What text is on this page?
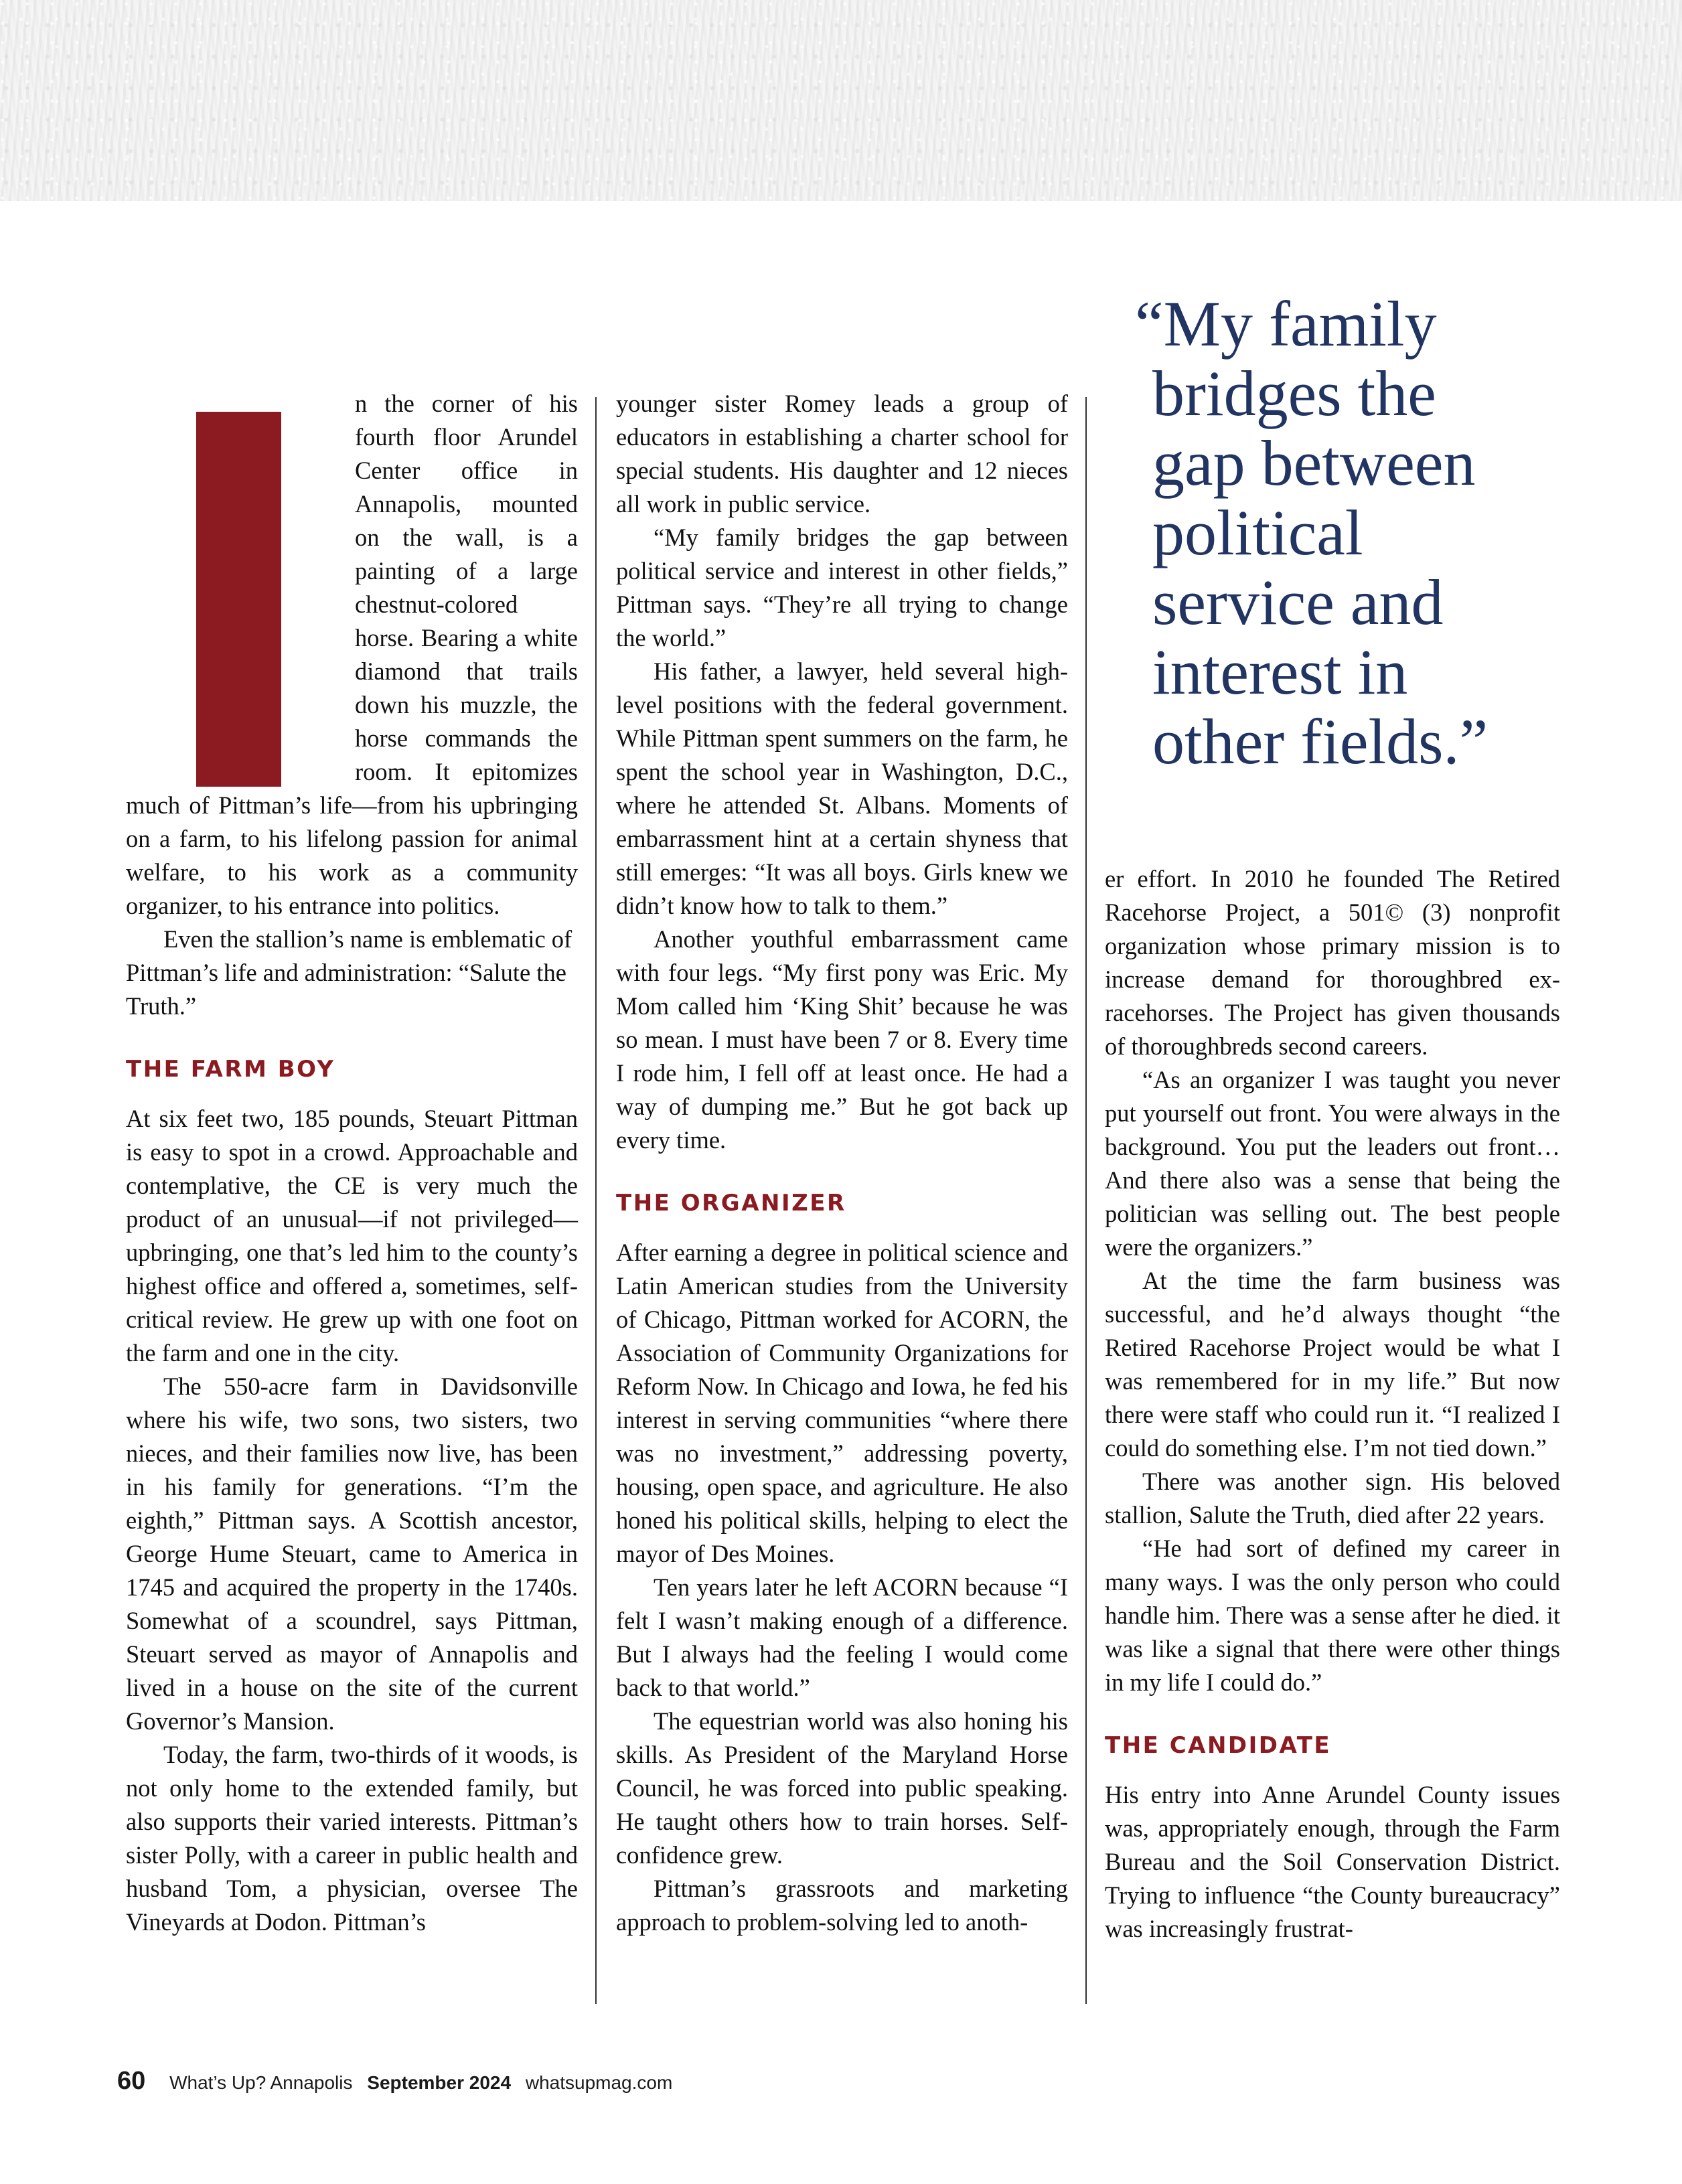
“My family
bridges the
gap between
political
service and
interest in
other fields.”

n the corner of his fourth floor Arundel Center office in Annapolis, mounted on the wall, is a painting of a large chestnut-colored horse. Bearing a white diamond that trails down his muzzle, the horse commands the room. It epitomizes much of Pittman’s life—from his upbringing on a farm, to his lifelong passion for animal welfare, to his work as a community organizer, to his entrance into politics.

Even the stallion’s name is emblematic of Pittman’s life and administration: “Salute the Truth.”

THE FARM BOY

At six feet two, 185 pounds, Steuart Pittman is easy to spot in a crowd. Approachable and contemplative, the CE is very much the product of an unusual—if not privileged—upbringing, one that’s led him to the county’s highest office and offered a, sometimes, self-critical review. He grew up with one foot on the farm and one in the city.

The 550-acre farm in Davidsonville where his wife, two sons, two sisters, two nieces, and their families now live, has been in his family for generations. “I’m the eighth,” Pittman says. A Scottish ancestor, George Hume Steuart, came to America in 1745 and acquired the property in the 1740s. Somewhat of a scoundrel, says Pittman, Steuart served as mayor of Annapolis and lived in a house on the site of the current Governor’s Mansion.

Today, the farm, two-thirds of it woods, is not only home to the extended family, but also supports their varied interests. Pittman’s sister Polly, with a career in public health and husband Tom, a physician, oversee The Vineyards at Dodon. Pittman’s

younger sister Romey leads a group of educators in establishing a charter school for special students. His daughter and 12 nieces all work in public service.

“My family bridges the gap between political service and interest in other fields,” Pittman says. “They’re all trying to change the world.”

His father, a lawyer, held several high-level positions with the federal government. While Pittman spent summers on the farm, he spent the school year in Washington, D.C., where he attended St. Albans. Moments of embarrassment hint at a certain shyness that still emerges: “It was all boys. Girls knew we didn’t know how to talk to them.”

Another youthful embarrassment came with four legs. “My first pony was Eric. My Mom called him ‘King Shit’ because he was so mean. I must have been 7 or 8. Every time I rode him, I fell off at least once. He had a way of dumping me.” But he got back up every time.

THE ORGANIZER

After earning a degree in political science and Latin American studies from the University of Chicago, Pittman worked for ACORN, the Association of Community Organizations for Reform Now. In Chicago and Iowa, he fed his interest in serving communities “where there was no investment,” addressing poverty, housing, open space, and agriculture. He also honed his political skills, helping to elect the mayor of Des Moines.

Ten years later he left ACORN because “I felt I wasn’t making enough of a difference. But I always had the feeling I would come back to that world.”

The equestrian world was also honing his skills. As President of the Maryland Horse Council, he was forced into public speaking. He taught others how to train horses. Self-confidence grew.

Pittman’s grassroots and marketing approach to problem-solving led to anoth-

er effort. In 2010 he founded The Retired Racehorse Project, a 501© (3) nonprofit organization whose primary mission is to increase demand for thoroughbred ex-racehorses. The Project has given thousands of thoroughbreds second careers.

“As an organizer I was taught you never put yourself out front. You were always in the background. You put the leaders out front…And there also was a sense that being the politician was selling out. The best people were the organizers.”

At the time the farm business was successful, and he’d always thought “the Retired Racehorse Project would be what I was remembered for in my life.” But now there were staff who could run it. “I realized I could do something else. I’m not tied down.”

There was another sign. His beloved stallion, Salute the Truth, died after 22 years.

“He had sort of defined my career in many ways. I was the only person who could handle him. There was a sense after he died. it was like a signal that there were other things in my life I could do.”

THE CANDIDATE

His entry into Anne Arundel County issues was, appropriately enough, through the Farm Bureau and the Soil Conservation District. Trying to influence “the County bureaucracy” was increasingly frustrat-

60 What’s Up? Annapolis September 2024 whatsupmag.com
